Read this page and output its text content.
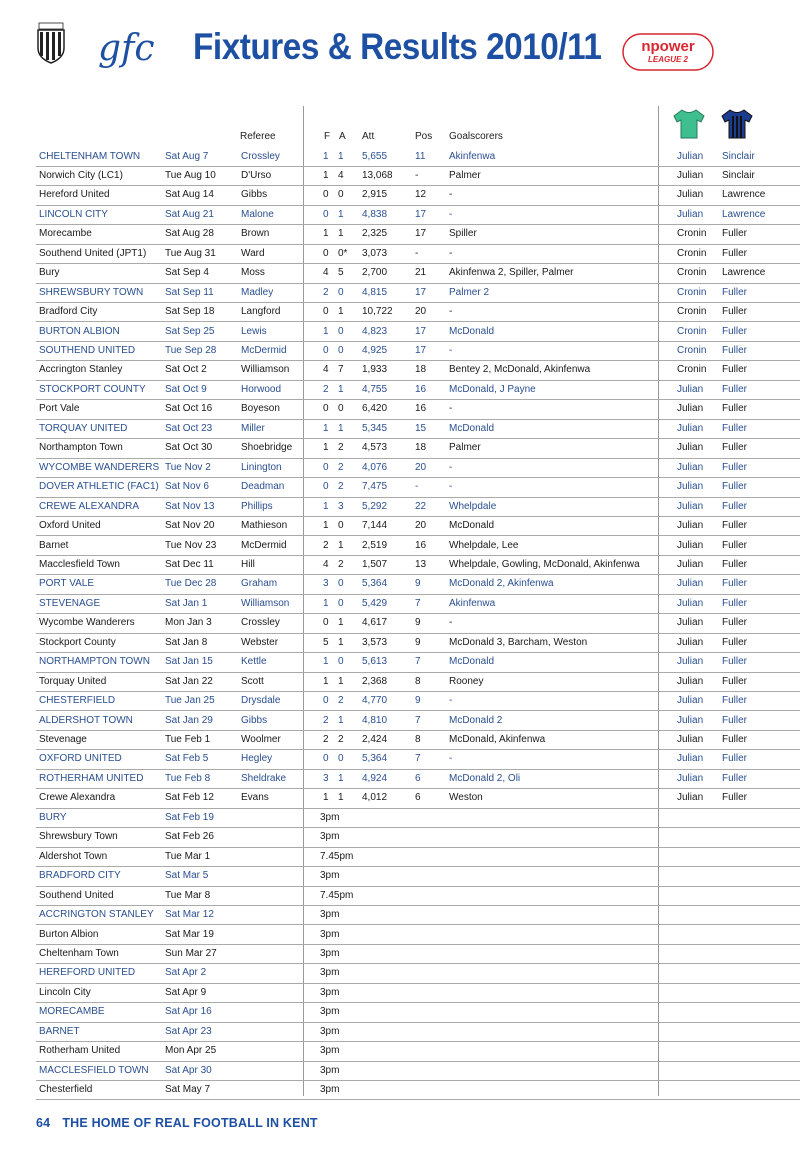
gfc Fixtures & Results 2010/11	npower
LEAGUE 2
Referee	F A Att	Pos Goalscorers
CHELTENHAM TOWN Sat Aug 7	Crossley	1 1 5,655	11 Akinfenwa	Julian Sinclair
Norwich City (LC1)	Tue Aug 10	D'Urso	1 4 13,068 -	Palmer	Julian Sinclair
Hereford United	Sat Aug 14	Gibbs	0 0 2,915	12 -	Julian Lawrence
LINCOLN CITY	Sat Aug 21	Malone	0 1 4,838	17 -	Julian Lawrence
Morecambe	Sat Aug 28	Brown	1 1 2,325	17 Spiller	Cronin Fuller
Southend United (JPT1) Tue Aug 31	Ward	0 0* 3,073	-	-	Cronin Fuller
Bury	Sat Sep 4	Moss	4 5 2,700	21 Akinfenwa 2, Spiller, Palmer	Cronin Lawrence
SHREWSBURY TOWN Sat Sep 11	Madley	2 0 4,815	17 Palmer 2	Cronin Fuller
Bradford City	Sat Sep 18	Langford	0 1 10,722 20 -	Cronin Fuller
BURTON ALBION	Sat Sep 25	Lewis	1 0 4,823	17 McDonald	Cronin Fuller
SOUTHEND UNITED	Tue Sep 28 McDermid	0 0 4,925	17 -	Cronin Fuller
Accrington Stanley	Sat Oct 2	Williamson	4 7 1,933	18 Bentey 2, McDonald, Akinfenwa	Cronin Fuller
STOCKPORT COUNTY Sat Oct 9	Horwood	2 1 4,755	16 McDonald, J Payne	Julian Fuller
Port Vale	Sat Oct 16	Boyeson	0 0 6,420	16 -	Julian Fuller
TORQUAY UNITED	Sat Oct 23	Miller	1 1 5,345	15 McDonald	Julian Fuller
Northampton Town	Sat Oct 30	Shoebridge	1 2 4,573	18 Palmer	Julian Fuller
WYCOMBE WANDERERS Tue Nov 2	Linington	0 2 4,076	20 -	Julian Fuller
DOVER ATHLETIC (FAC1) Sat Nov 6	Deadman	0 2 7,475	-	-	Julian Fuller
CREWE ALEXANDRA	Sat Nov 13	Phillips	1 3 5,292	22 Whelpdale	Julian Fuller
Oxford United	Sat Nov 20	Mathieson	1 0 7,144	20 McDonald	Julian Fuller
Barnet	Tue Nov 23 McDermid	2 1 2,519	16 Whelpdale, Lee	Julian Fuller
Macclesfield Town	Sat Dec 11	Hill	4 2 1,507	13 Whelpdale, Gowling, McDonald, Akinfenwa	Julian Fuller
PORT VALE	Tue Dec 28 Graham	3 0 5,364	9	McDonald 2, Akinfenwa	Julian Fuller
STEVENAGE	Sat Jan 1	Williamson	1 0 5,429	7	Akinfenwa	Julian Fuller
Wycombe Wanderers	Mon Jan 3	Crossley	0 1 4,617	9	-	Julian Fuller
Stockport County	Sat Jan 8	Webster	5 1 3,573	9	McDonald 3, Barcham, Weston	Julian Fuller
NORTHAMPTON TOWN Sat Jan 15	Kettle	1 0 5,613	7	McDonald	Julian Fuller
Torquay United	Sat Jan 22	Scott	1 1 2,368	8	Rooney	Julian Fuller
CHESTERFIELD	Tue Jan 25	Drysdale	0 2 4,770	9	-	Julian Fuller
ALDERSHOT TOWN	Sat Jan 29	Gibbs	2 1 4,810	7	McDonald 2	Julian Fuller
Stevenage	Tue Feb 1	Woolmer	2 2 2,424	8	McDonald, Akinfenwa	Julian Fuller
OXFORD UNITED	Sat Feb 5	Hegley	0 0 5,364	7	-	Julian Fuller
ROTHERHAM UNITED Tue Feb 8	Sheldrake	3 1 4,924	6	McDonald 2, Oli	Julian Fuller
Crewe Alexandra	Sat Feb 12	Evans	1 1 4,012	6	Weston	Julian Fuller
BURY	Sat Feb 19	3pm
Shrewsbury Town	Sat Feb 26	3pm
Aldershot Town	Tue Mar 1	7.45pm
BRADFORD CITY	Sat Mar 5	3pm
Southend United	Tue Mar 8	7.45pm
ACCRINGTON STANLEY Sat Mar 12	3pm
Burton Albion	Sat Mar 19	3pm
Cheltenham Town	Sun Mar 27	3pm
HEREFORD UNITED	Sat Apr 2	3pm
Lincoln City	Sat Apr 9	3pm
MORECAMBE	Sat Apr 16	3pm
BARNET	Sat Apr 23	3pm
Rotherham United	Mon Apr 25	3pm
MACCLESFIELD TOWN Sat Apr 30	3pm
Chesterfield	Sat May 7	3pm
64 THE HOME OF REAL FOOTBALL IN KENT
